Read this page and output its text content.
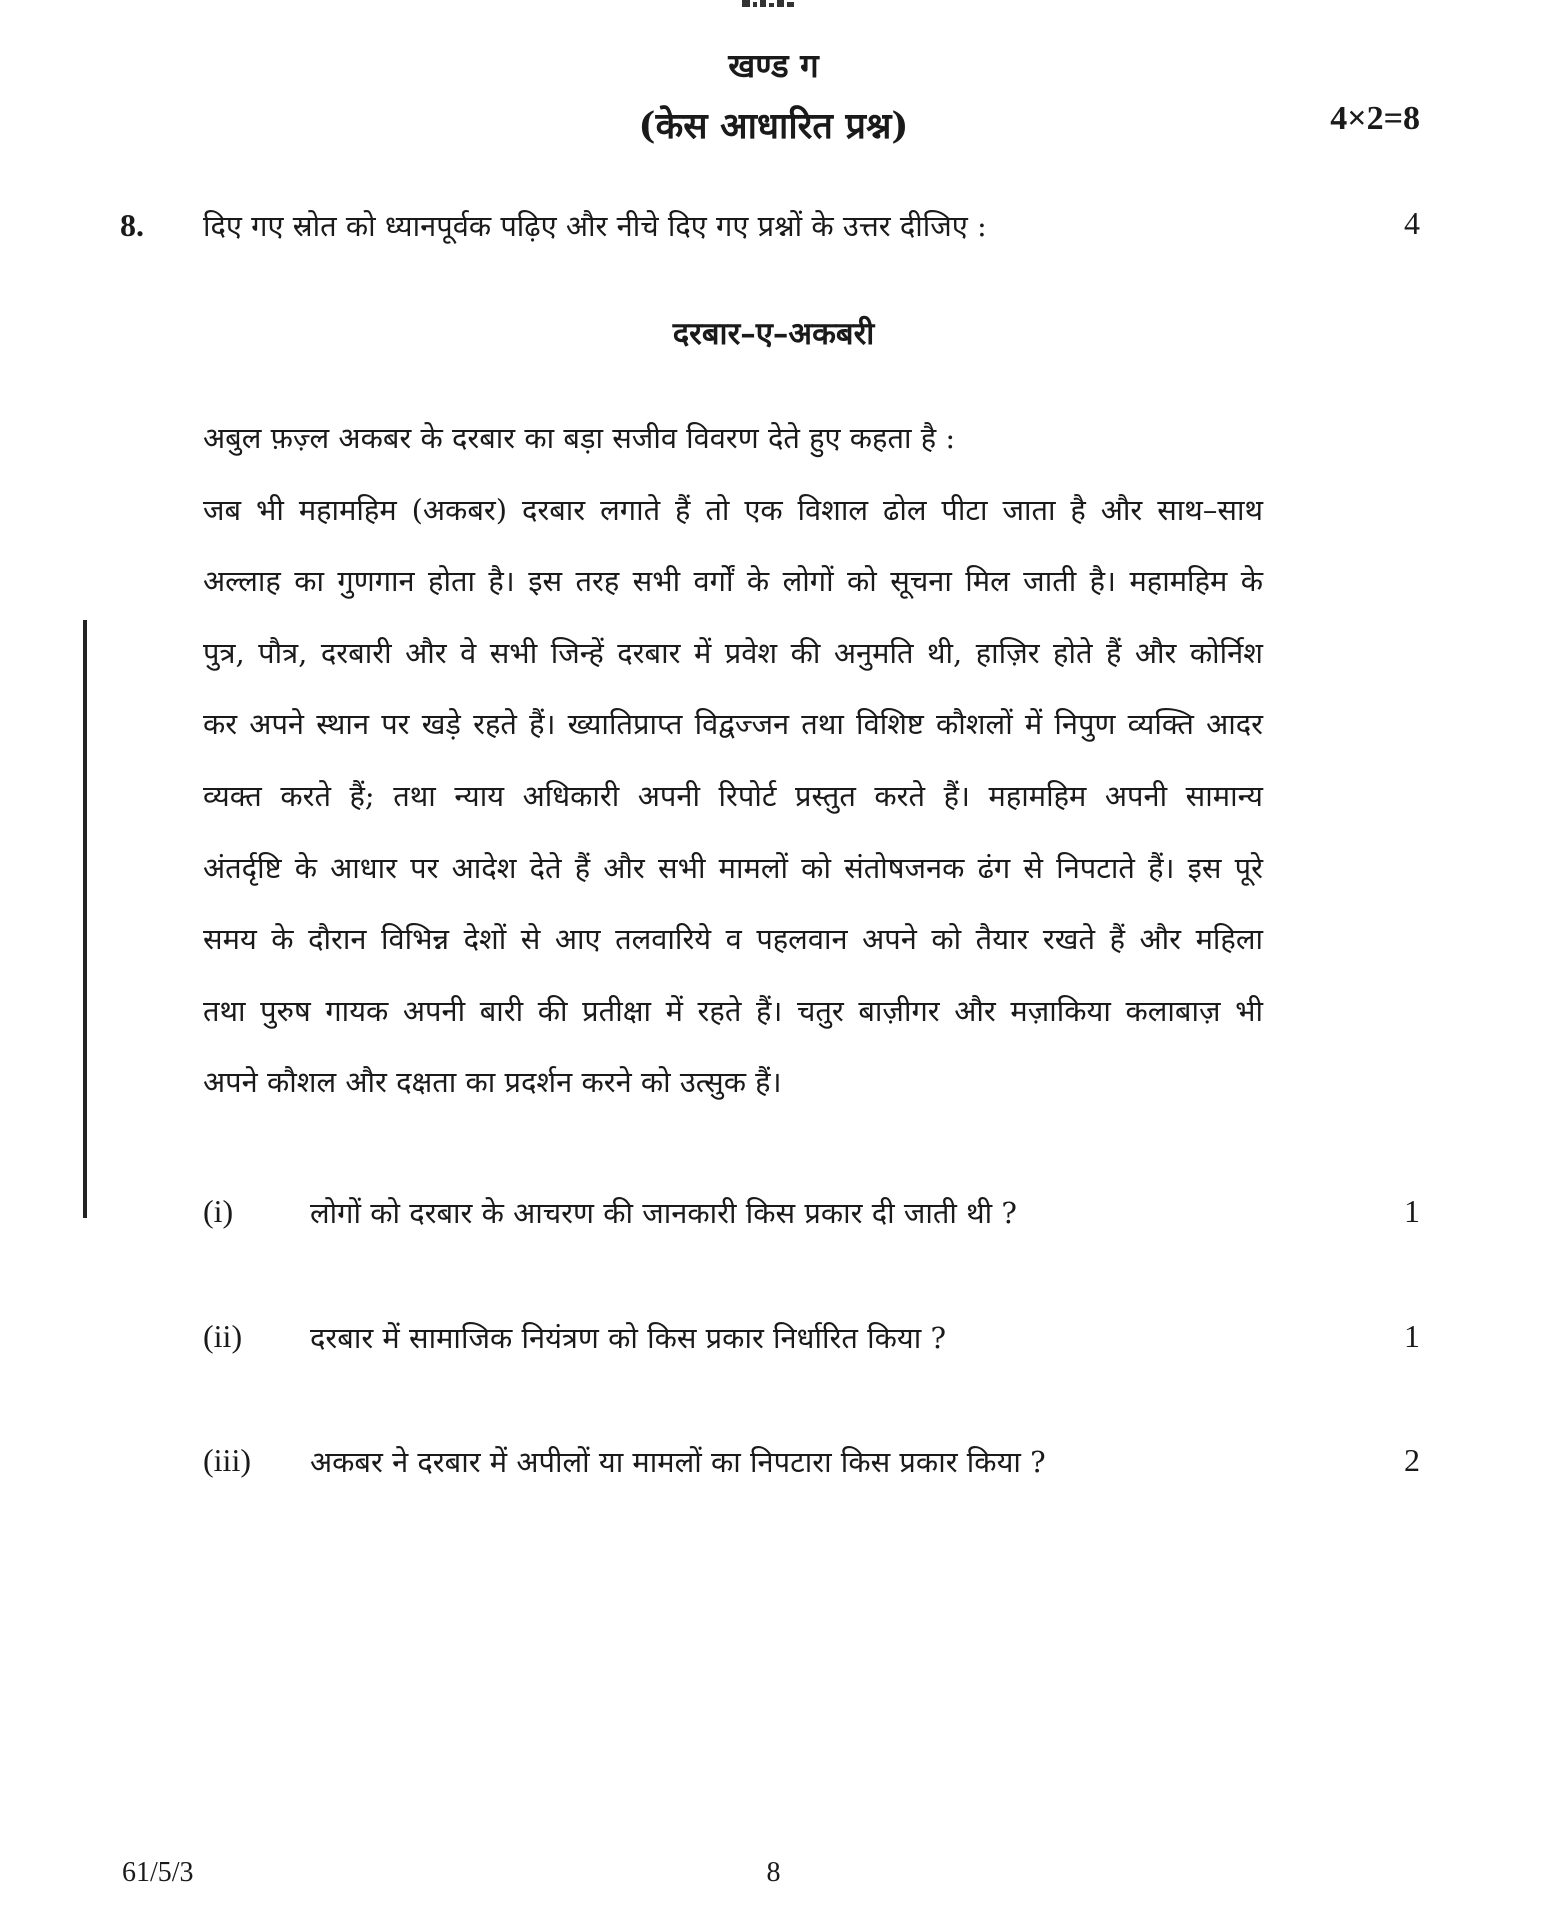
खण्ड ग
(केस आधारित प्रश्न)	4×2=8
8. दिए गए स्रोत को ध्यानपूर्वक पढ़िए और नीचे दिए गए प्रश्नों के उत्तर दीजिए :	4
दरबार–ए–अकबरी
अबुल फ़ज़्ल अकबर के दरबार का बड़ा सजीव विवरण देते हुए कहता है :
जब भी महामहिम (अकबर) दरबार लगाते हैं तो एक विशाल ढोल पीटा जाता है और साथ–साथ
अल्लाह का गुणगान होता है। इस तरह सभी वर्गों के लोगों को सूचना मिल जाती है। महामहिम के
पुत्र, पौत्र, दरबारी और वे सभी जिन्हें दरबार में प्रवेश की अनुमति थी, हाज़िर होते हैं और कोर्निश
कर अपने स्थान पर खड़े रहते हैं। ख्यातिप्राप्त विद्वज्जन तथा विशिष्ट कौशलों में निपुण व्यक्ति आदर
व्यक्त करते हैं; तथा न्याय अधिकारी अपनी रिपोर्ट प्रस्तुत करते हैं। महामहिम अपनी सामान्य
अंतर्दृष्टि के आधार पर आदेश देते हैं और सभी मामलों को संतोषजनक ढंग से निपटाते हैं। इस पूरे
समय के दौरान विभिन्न देशों से आए तलवारिये व पहलवान अपने को तैयार रखते हैं और महिला
तथा पुरुष गायक अपनी बारी की प्रतीक्षा में रहते हैं। चतुर बाज़ीगर और मज़ाकिया कलाबाज़ भी
अपने कौशल और दक्षता का प्रदर्शन करने को उत्सुक हैं।
(i)	लोगों को दरबार के आचरण की जानकारी किस प्रकार दी जाती थी ?	1
(ii) दरबार में सामाजिक नियंत्रण को किस प्रकार निर्धारित किया ?	1
(iii) अकबर ने दरबार में अपीलों या मामलों का निपटारा किस प्रकार किया ?	2
61/5/3	8
